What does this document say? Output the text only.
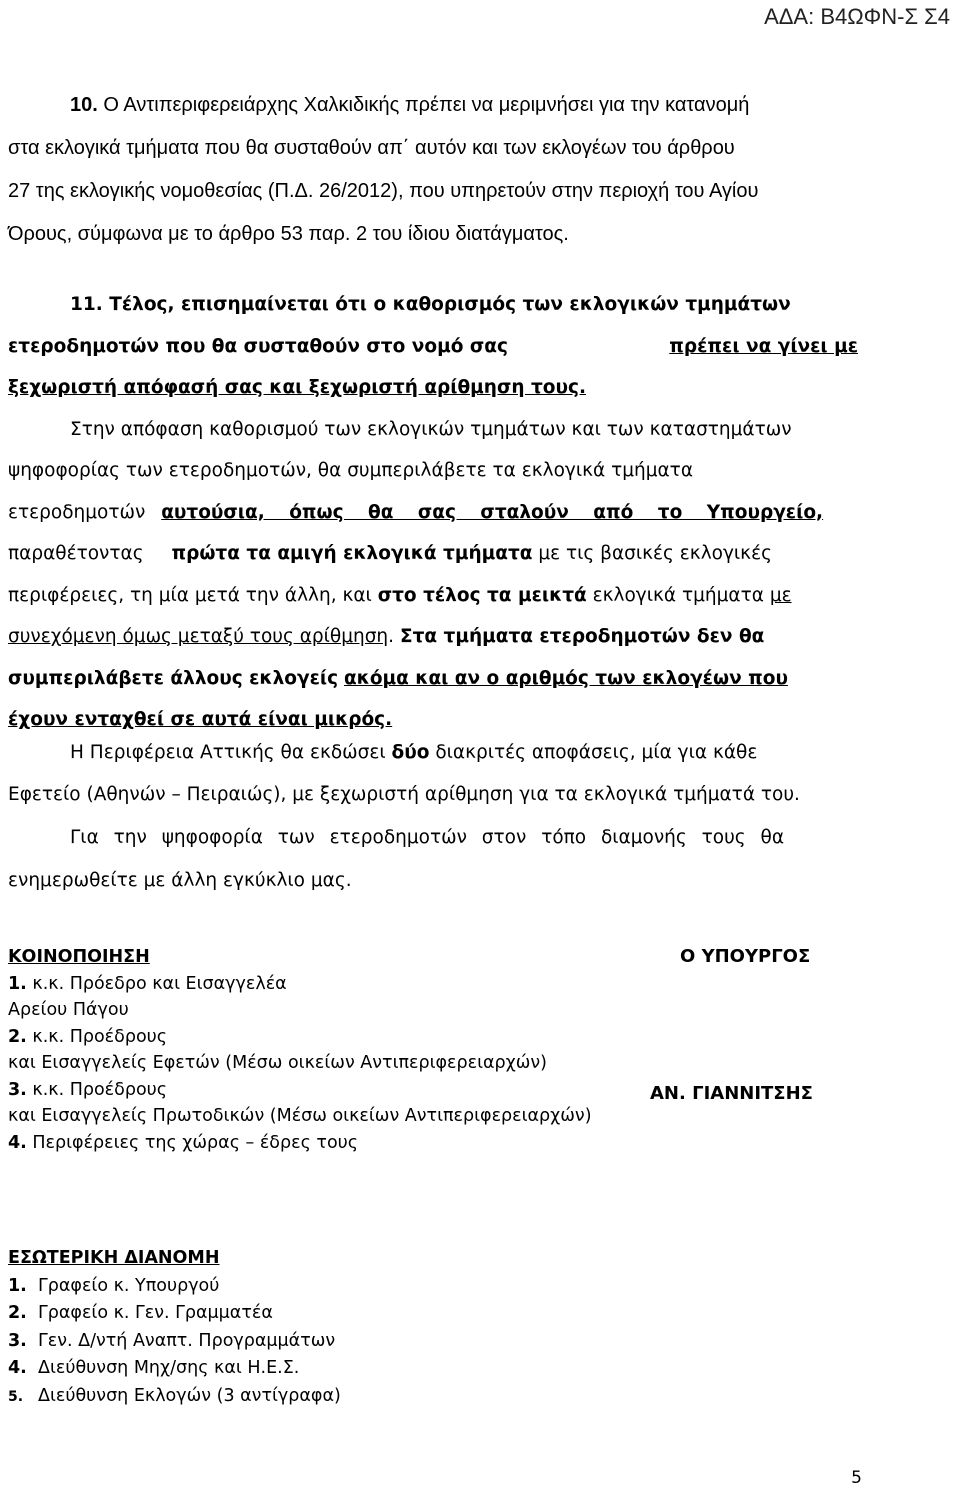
ΑΔΑ: Β4ΩΦΝ-Σ Σ4
10. Ο Αντιπεριφερειάρχης Χαλκιδικής πρέπει να μεριμνήσει για την κατανομή
στα εκλογικά τμήματα που θα συσταθούν απ΄ αυτόν και των εκλογέων του άρθρου
27 της εκλογικής νομοθεσίας (Π.Δ. 26/2012), που υπηρετούν στην περιοχή του Αγίου
Όρους, σύμφωνα με το άρθρο 53 παρ. 2 του ίδιου διατάγματος.
11. Τέλος, επισημαίνεται ότι ο καθορισμός των εκλογικών τμημάτων
ετεροδημοτών που θα συσταθούν στο νομό σας	πρέπει να γίνει με
ξεχωριστή απόφασή σας και ξεχωριστή αρίθμηση τους.
Στην απόφαση καθορισμού των εκλογικών τμημάτων και των καταστημάτων
ψηφοφορίας των ετεροδημοτών, θα συμπεριλάβετε τα εκλογικά τμήματα
ετεροδημοτών αυτούσια, όπως θα σας σταλούν από το Υπουργείο,
παραθέτοντας πρώτα τα αμιγή εκλογικά τμήματα με τις βασικές εκλογικές
περιφέρειες, τη μία μετά την άλλη, και στο τέλος τα μεικτά εκλογικά τμήματα με
συνεχόμενη όμως μεταξύ τους αρίθμηση. Στα τμήματα ετεροδημοτών δεν θα
συμπεριλάβετε άλλους εκλογείς ακόμα και αν ο αριθμός των εκλογέων που
έχουν ενταχθεί σε αυτά είναι μικρός.
Η Περιφέρεια Αττικής θα εκδώσει δύο διακριτές αποφάσεις, μία για κάθε
Εφετείο (Αθηνών – Πειραιώς), με ξεχωριστή αρίθμηση για τα εκλογικά τμήματά του.
Για την ψηφοφορία των ετεροδημοτών στον τόπο διαμονής τους θα
ενημερωθείτε με άλλη εγκύκλιο μας.
Ο ΥΠΟΥΡΓΟΣ
ΑΝ. ΓΙΑΝΝΙΤΣΗΣ
ΚΟΙΝΟΠΟΙΗΣΗ
1. κ.κ. Πρόεδρο και Εισαγγελέα
Αρείου Πάγου
2. κ.κ. Προέδρους
και Εισαγγελείς Εφετών (Μέσω οικείων Αντιπεριφερειαρχών)
3. κ.κ. Προέδρους
και Εισαγγελείς Πρωτοδικών (Μέσω οικείων Αντιπεριφερειαρχών)
4. Περιφέρειες της χώρας – έδρες τους
ΕΣΩΤΕΡΙΚΗ ΔΙΑΝΟΜΗ
1. Γραφείο κ. Υπουργού
2. Γραφείο κ. Γεν. Γραμματέα
3. Γεν. Δ/ντή Αναπτ. Προγραμμάτων
4. Διεύθυνση Μηχ/σης και Η.Ε.Σ.
5. Διεύθυνση Εκλογών (3 αντίγραφα)
5
